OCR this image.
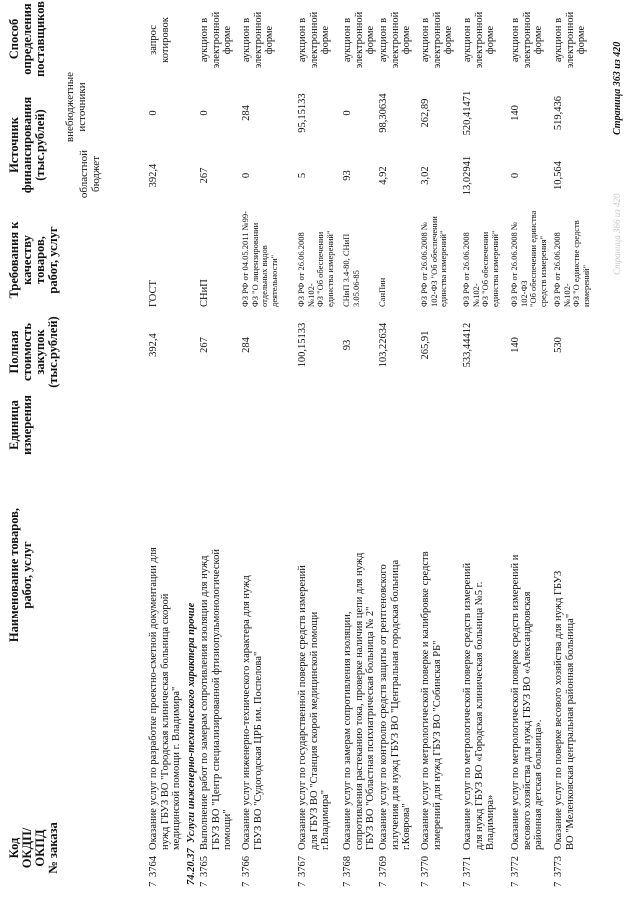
Код ОКДП/ ОКПД № заказа
Наименование товаров, работ, услуг
Единица измерения
Полная стоимость закупок (тыс.рублей)
Требования к качеству товаров, работ, услуг
Источник финансирования (тыс.рублей)	областной бюджет
внебюджетные источники
Способ определения поставщиков
7
3764
Оказание услуг по разработке проектно-сметной документации для нужд ГБУЗ ВО "Городская клиническая больница скорой медицинской помощи г. Владимира"
392,4
ГОСТ
392,4
0
запрос котировок
74.20.37  Услуги инженерно-технического характера прочие
7
3765
Выполнение работ по замерам сопротивления изоляции для нужд ГБУЗ ВО "Центр специализированной фтизиопульмонологической помощи"
267
СНиП
267
0
аукцион в электронной форме
7
3766
Оказание услуг инженерно-технического характера для нужд ГБУЗ ВО "Судогодская ЦРБ им. Поспелова"
284
ФЗ РФ от 04.05.2011 №99- ФЗ "О лицензировании отдельных видов деятельности"
0
284
аукцион в электронной форме
7
3767
Оказание услуг по государственной поверке средств измерений для ГБУЗ ВО "Станция скорой медицинской помощи г.Владимира"
100,15133
ФЗ РФ от 26.06.2008 №102- ФЗ "Об обеспечении единства измерений"
5
95,15133
аукцион в электронной форме
7
3768
Оказание услуг по замерам сопротивления изоляции, сопротивления растеканию тока, проверке наличия цепи для нужд ГБУЗ ВО "Областная психиатрическая больница № 2"
93
СНиП 3.4-80, СНиП 3.05.06-85
93
0
аукцион в электронной форме
7
3769
Оказание услуг по контролю средств защиты от рентгеновского излучения для нужд ГБУЗ ВО "Центральная городская больница г.Коврова"
103,22634
СанПин
4,92
98,30634
аукцион в электронной форме
7
3770
Оказание услуг по метрологической поверке и калибровке средств измерений для нужд ГБУЗ ВО "Собинская РБ"
265,91
ФЗ РФ от 26.06.2008 № 102-ФЗ "Об обеспечении единства измерений"
3,02
262,89
аукцион в электронной форме
7
3771
Оказание услуг по метрологической поверке средств измерений для нужд ГБУЗ ВО «Городская клиническая больница №5 г. Владимира»
533,44412
ФЗ РФ от 26.06.2008 №102- ФЗ "Об обеспечении единства измерений"
13,02941
520,41471
аукцион в электронной форме
7
3772
Оказание услуг по метрологической поверке средств измерений и весового хозяйства для нужд ГБУЗ ВО «Александровская районная детская больница».
140
ФЗ РФ от 26.06.2008 № 102-ФЗ "Об обеспечении единства средств измерения"
0
140
аукцион в электронной форме
7
3773
Оказание услуг по поверке весового хозяйства для нужд ГБУЗ ВО "Меленковская центральная районная больница"
530
ФЗ РФ от 26.06.2008 №102- ФЗ "О единстве средств измерений"
10,564
519,436
аукцион в электронной форме
Страница 366 из 420
Страница 363 из 420
